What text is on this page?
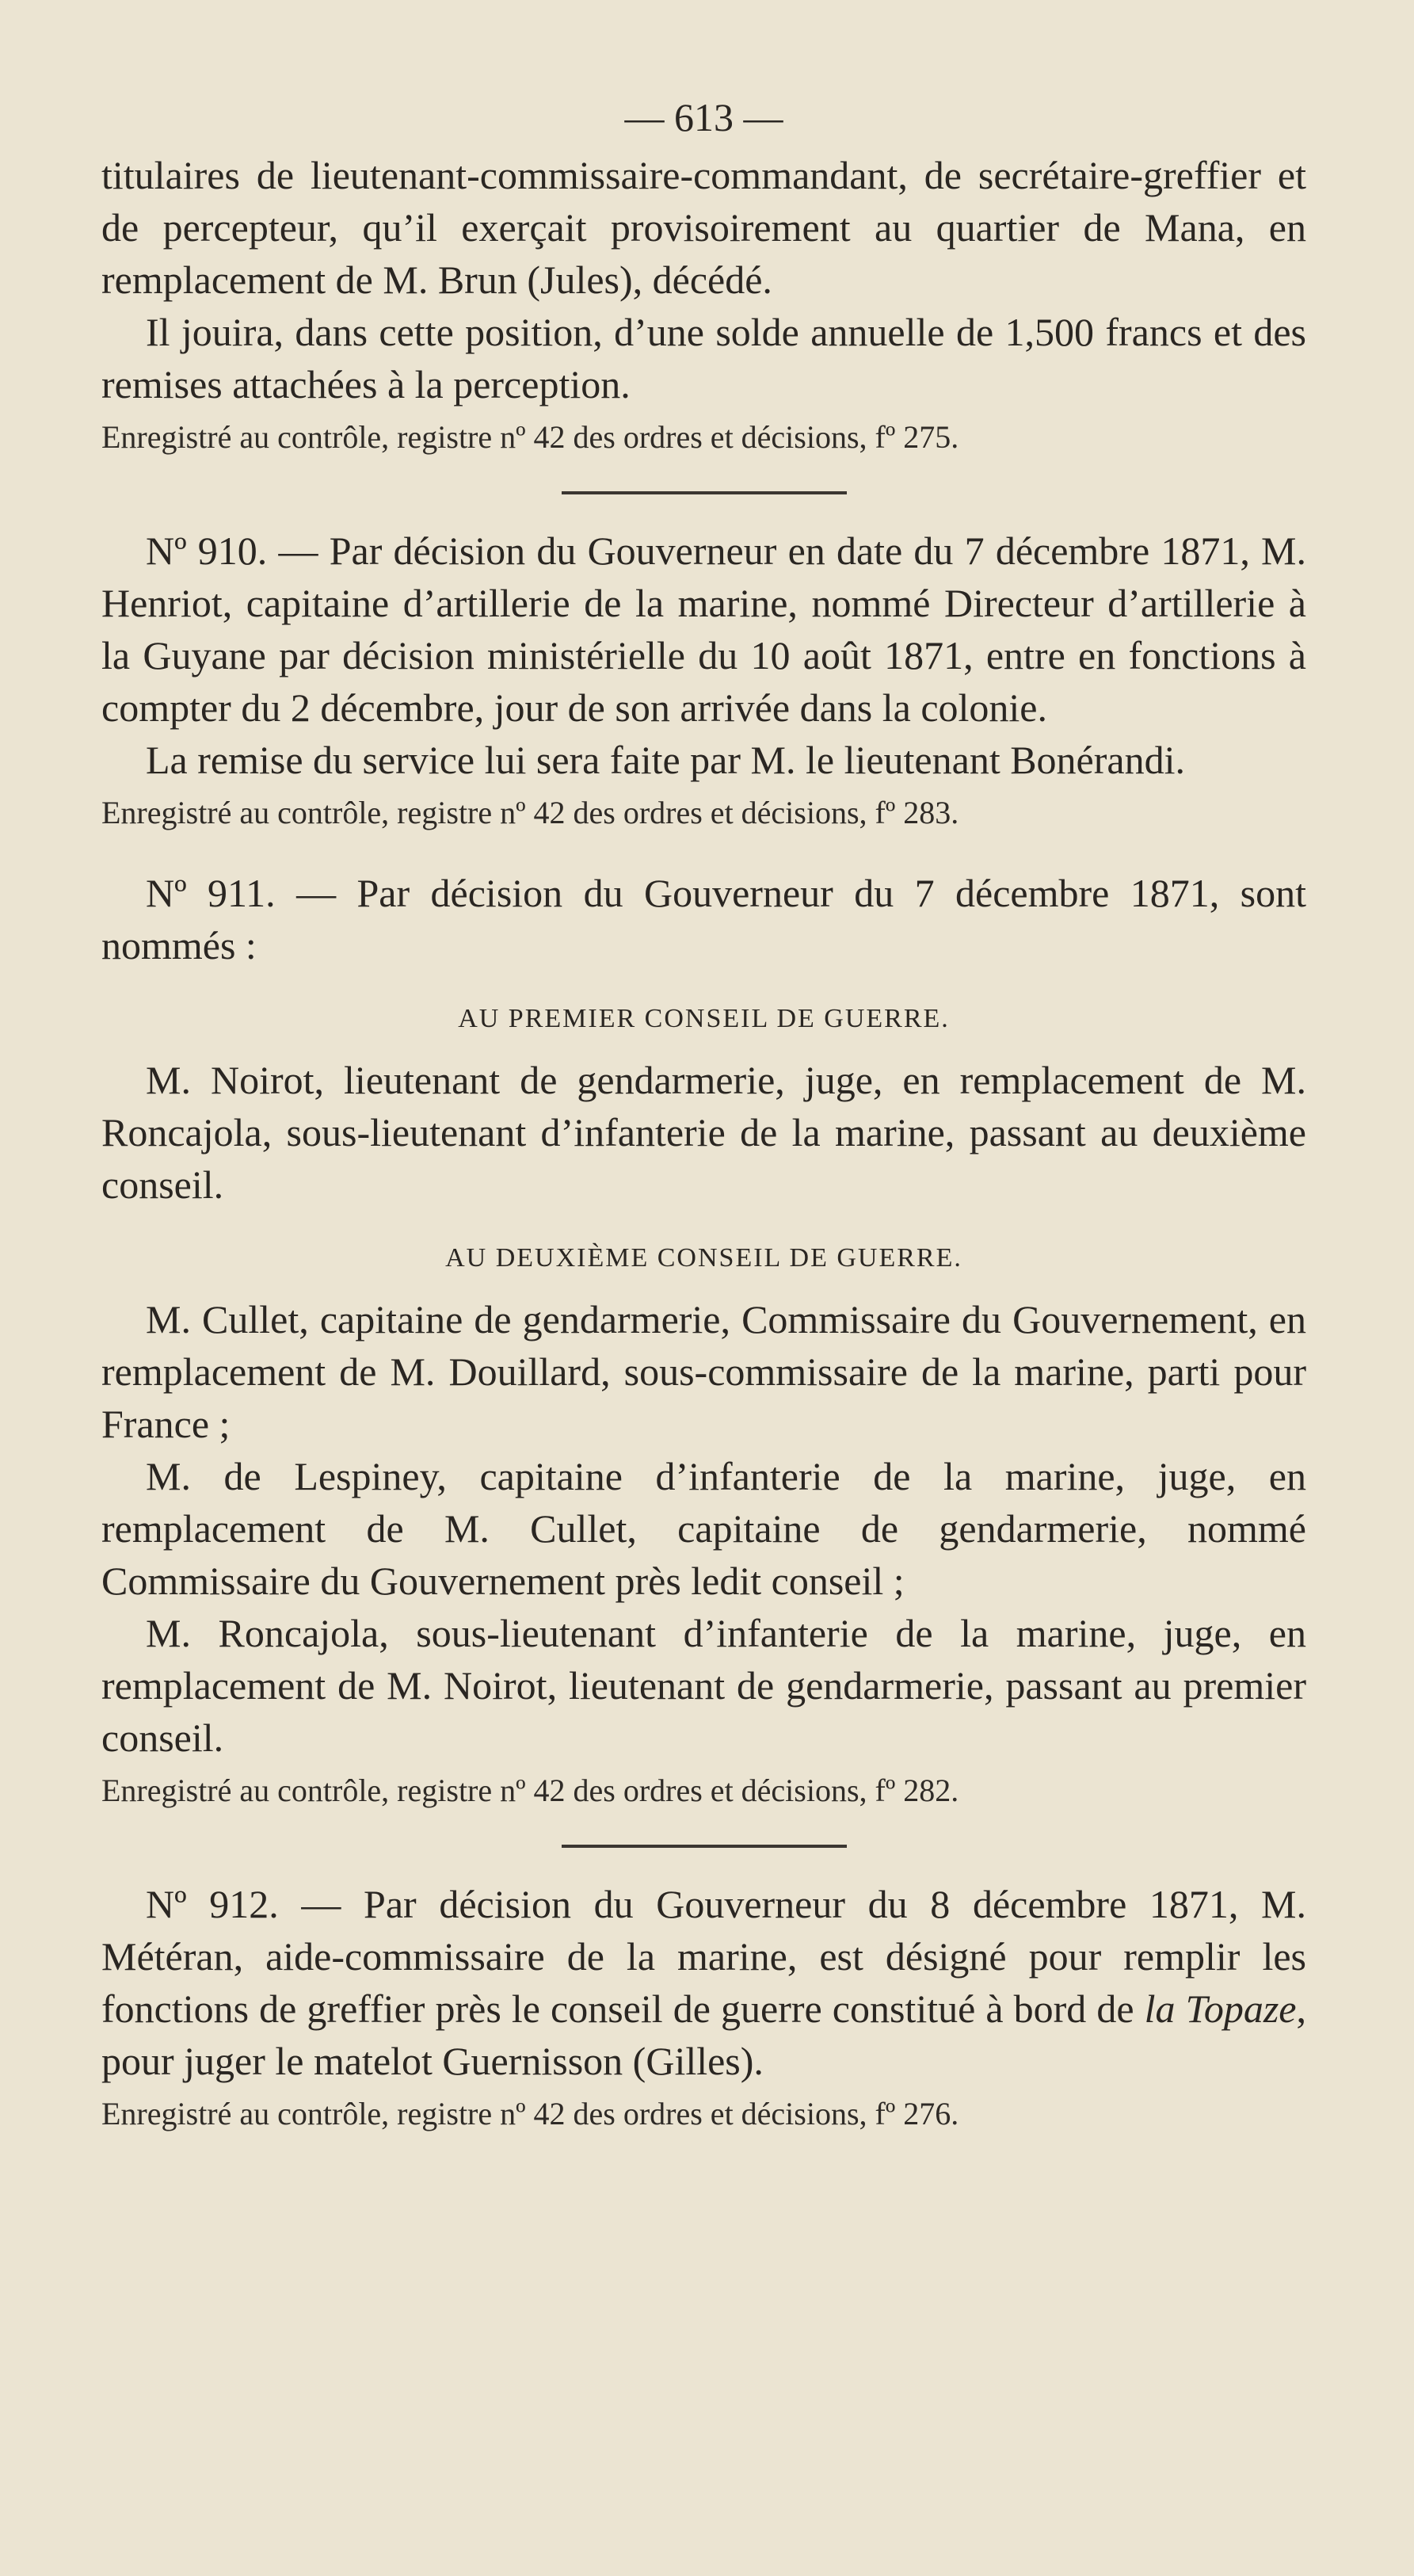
— 613 —

titulaires de lieutenant-commissaire-commandant, de secrétaire-greffier et de percepteur, qu’il exerçait provisoirement au quartier de Mana, en remplacement de M. Brun (Jules), décédé.

Il jouira, dans cette position, d’une solde annuelle de 1,500 francs et des remises attachées à la perception.

Enregistré au contrôle, registre nº 42 des ordres et décisions, fº 275.

Nº 910. — Par décision du Gouverneur en date du 7 décembre 1871, M. Henriot, capitaine d’artillerie de la marine, nommé Directeur d’artillerie à la Guyane par décision ministérielle du 10 août 1871, entre en fonctions à compter du 2 décembre, jour de son arrivée dans la colonie.

La remise du service lui sera faite par M. le lieutenant Bonérandi.

Enregistré au contrôle, registre nº 42 des ordres et décisions, fº 283.

Nº 911. — Par décision du Gouverneur du 7 décembre 1871, sont nommés :

AU PREMIER CONSEIL DE GUERRE.

M. Noirot, lieutenant de gendarmerie, juge, en remplacement de M. Roncajola, sous-lieutenant d’infanterie de la marine, passant au deuxième conseil.

AU DEUXIÈME CONSEIL DE GUERRE.

M. Cullet, capitaine de gendarmerie, Commissaire du Gouvernement, en remplacement de M. Douillard, sous-commissaire de la marine, parti pour France ;

M. de Lespiney, capitaine d’infanterie de la marine, juge, en remplacement de M. Cullet, capitaine de gendarmerie, nommé Commissaire du Gouvernement près ledit conseil ;

M. Roncajola, sous-lieutenant d’infanterie de la marine, juge, en remplacement de M. Noirot, lieutenant de gendarmerie, passant au premier conseil.

Enregistré au contrôle, registre nº 42 des ordres et décisions, fº 282.

Nº 912. — Par décision du Gouverneur du 8 décembre 1871, M. Météran, aide-commissaire de la marine, est désigné pour remplir les fonctions de greffier près le conseil de guerre constitué à bord de la Topaze, pour juger le matelot Guernisson (Gilles).

Enregistré au contrôle, registre nº 42 des ordres et décisions, fº 276.
